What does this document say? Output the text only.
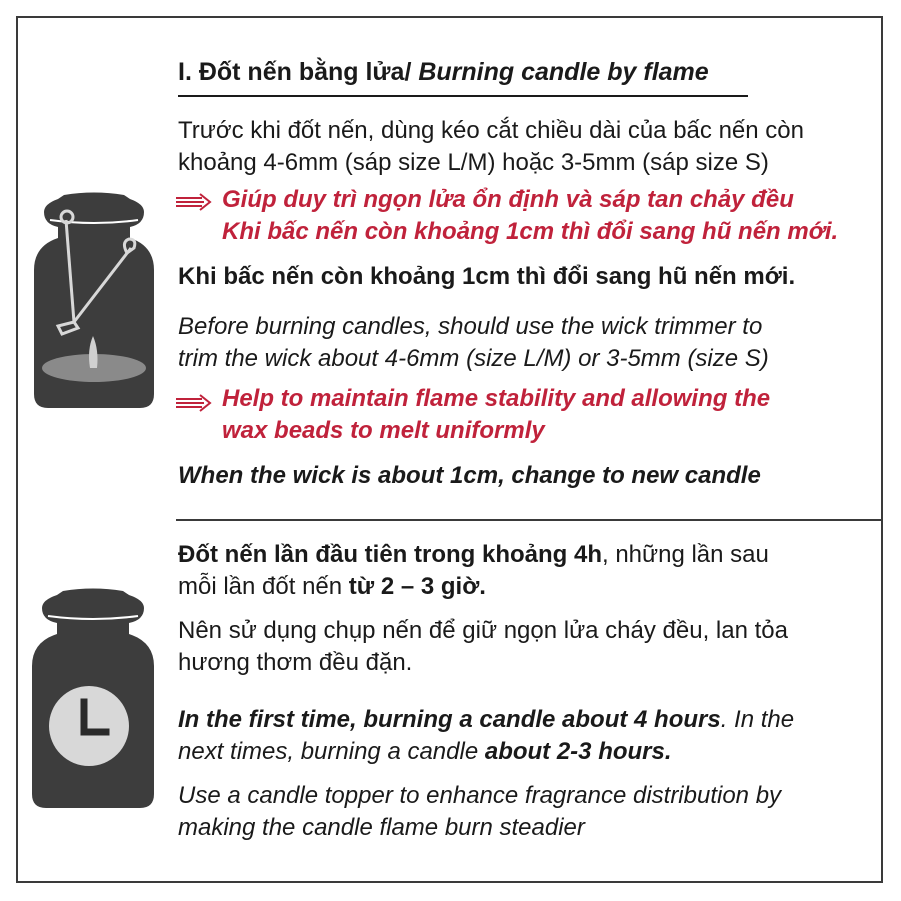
I. Đốt nến bằng lửa/ Burning candle by flame
Trước khi đốt nến, dùng kéo cắt chiều dài của bấc nến còn
khoảng 4-6mm (sáp size L/M) hoặc 3-5mm (sáp size S)
Giúp duy trì ngọn lửa ổn định và sáp tan chảy đều
Khi bấc nến còn khoảng 1cm thì đổi sang hũ nến mới.
Khi bấc nến còn khoảng 1cm thì đổi sang hũ nến mới.
Before burning candles, should use the wick trimmer to
trim the wick about 4-6mm (size L/M) or 3-5mm (size S)
Help to maintain flame stability and allowing the
wax beads to melt uniformly
When the wick is about 1cm, change to new candle
Đốt nến lần đầu tiên trong khoảng 4h, những lần sau
mỗi lần đốt nến từ 2 – 3 giờ.
Nên sử dụng chụp nến để giữ ngọn lửa cháy đều, lan tỏa
hương thơm đều đặn.
In the first time, burning a candle about 4 hours. In the
next times, burning a candle about 2-3 hours.
Use a candle topper to enhance fragrance distribution by
making the candle flame burn steadier
